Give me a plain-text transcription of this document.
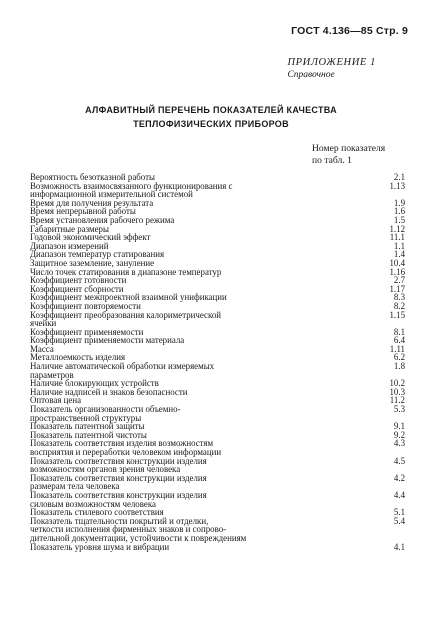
ГОСТ 4.136—85 Стр. 9
ПРИЛОЖЕНИЕ 1
Справочное
АЛФАВИТНЫЙ ПЕРЕЧЕНЬ ПОКАЗАТЕЛЕЙ КАЧЕСТВА
ТЕПЛОФИЗИЧЕСКИХ ПРИБОРОВ
Номер показателя
по табл. 1
Вероятность безотказной работы	2.1
Возможность взаимосвязанного функционирования с	1.13
информационной измерительной системой
Время для получения результата	1.9
Время непрерывной работы	1.6
Время установления рабочего режима	1.5
Габаритные размеры	1.12
Годовой экономический эффект	11.1
Диапазон измерений	1.1
Диапазон температур статирования	1.4
Защитное заземление, зануление	10.4
Число точек статирования в диапазоне температур	1.16
Коэффициент готовности	2.7
Коэффициент сборности	1.17
Коэффициент межпроектной взаимной унификации	8.3
Коэффициент повторяемости	8.2
Коэффициент преобразования калориметрической	1.15
ячейки
Коэффициент применяемости	8.1
Коэффициент применяемости материала	6.4
Масса	1.11
Металлоемкость изделия	6.2
Наличие автоматической обработки измеряемых	1.8
параметров
Наличие блокирующих устройств	10.2
Наличие надписей и знаков безопасности	10.3
Оптовая цена	11.2
Показатель организованности объемно-	5.3
пространственной структуры
Показатель патентной защиты	9.1
Показатель патентной чистоты	9.2
Показатель соответствия изделия возможностям	4.3
восприятия и переработки человеком информации
Показатель соответствия конструкции изделия	4.5
возможностям органов зрения человека
Показатель соответствия конструкции изделия	4.2
размерам тела человека
Показатель соответствия конструкции изделия	4.4
силовым возможностям человека
Показатель стилевого соответствия	5.1
Показатель тщательности покрытий и отделки,	5.4
четкости исполнения фирменных знаков и сопрово-
дительной документации, устойчивости к повреждениям
Показатель уровня шума и вибрации	4.1
